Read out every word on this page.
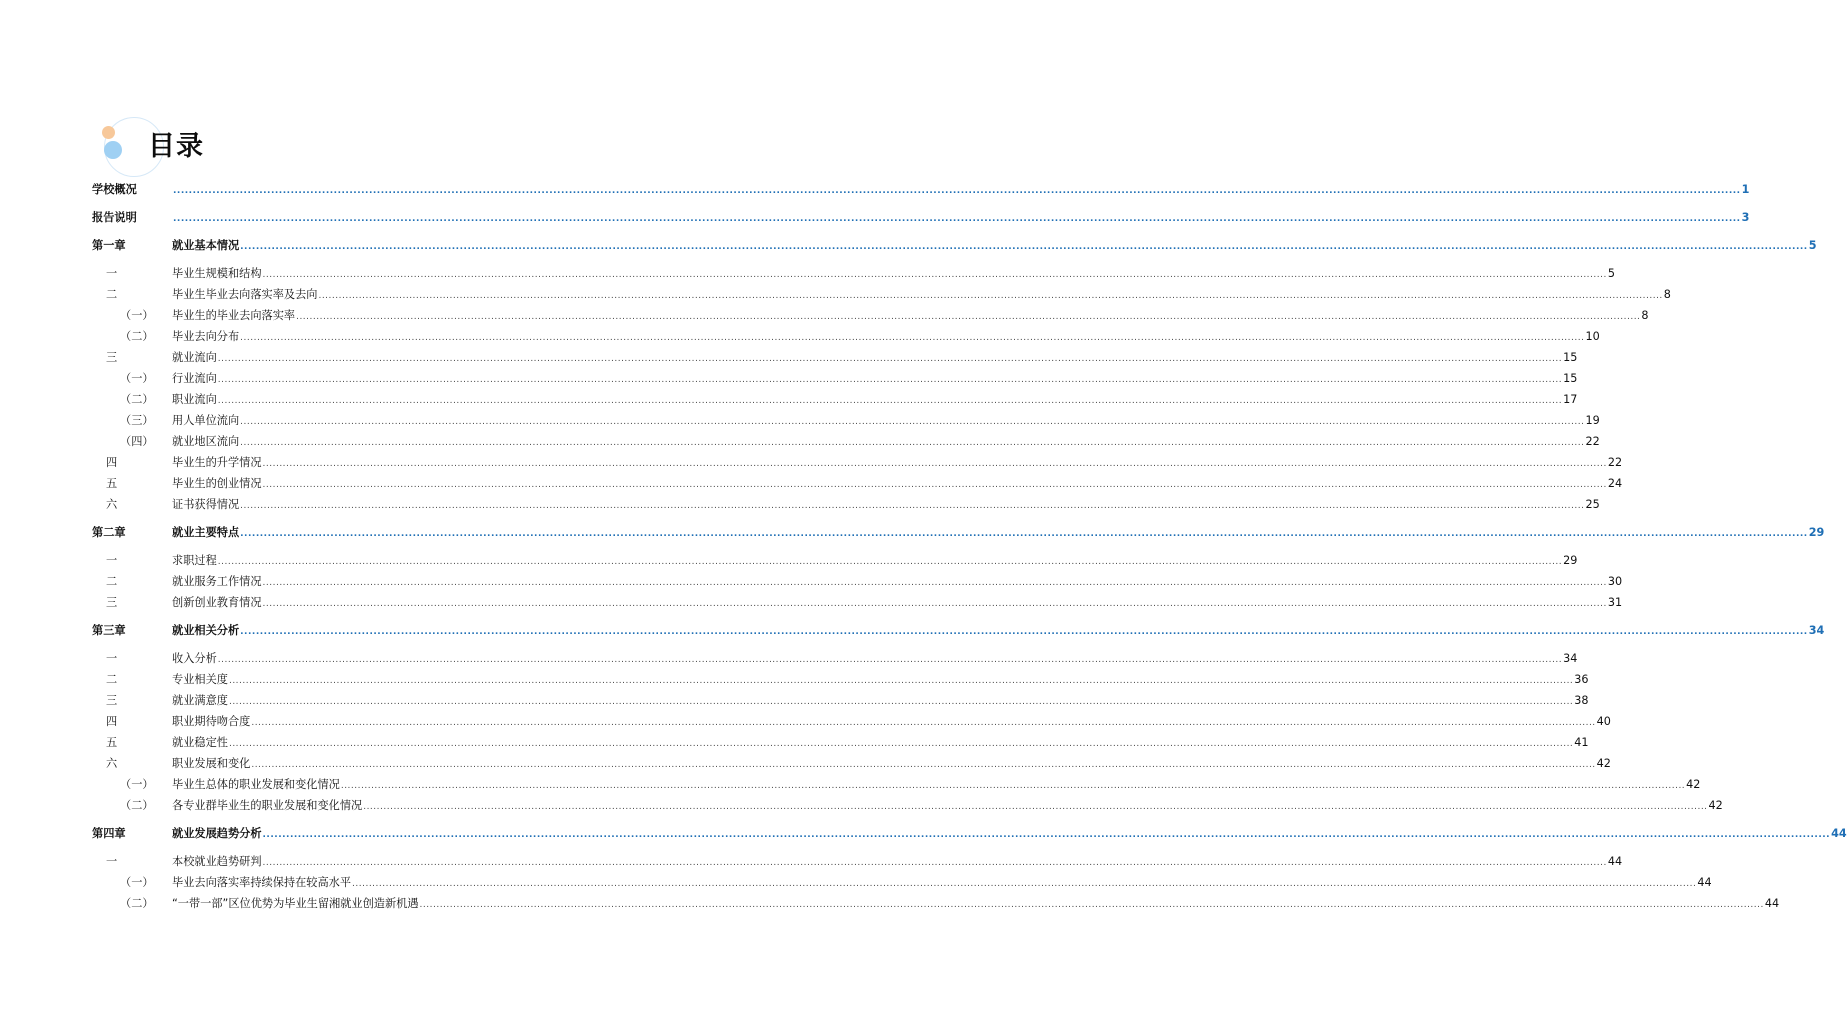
目录
学校概况	................................................................................................................................................................................................................................................................................................................................................................................................................ 1
报告说明	................................................................................................................................................................................................................................................................................................................................................................................................................ 3
第一章	就业基本情况 ................................................................................................................................................................................................................................................................................................................................................................................................................ 5
一	毕业生规模和结构 ................................................................................................................................................................................................................................................................................................................................................................................................................ 5
二	毕业生毕业去向落实率及去向 ................................................................................................................................................................................................................................................................................................................................................................................................................ 8
（一） 毕业生的毕业去向落实率 ................................................................................................................................................................................................................................................................................................................................................................................................................ 8
（二） 毕业去向分布 ................................................................................................................................................................................................................................................................................................................................................................................................................ 10
三	就业流向 ................................................................................................................................................................................................................................................................................................................................................................................................................ 15
（一） 行业流向 ................................................................................................................................................................................................................................................................................................................................................................................................................ 15
（二） 职业流向 ................................................................................................................................................................................................................................................................................................................................................................................................................ 17
（三） 用人单位流向 ................................................................................................................................................................................................................................................................................................................................................................................................................ 19
（四） 就业地区流向 ................................................................................................................................................................................................................................................................................................................................................................................................................ 22
四	毕业生的升学情况 ................................................................................................................................................................................................................................................................................................................................................................................................................ 22
五	毕业生的创业情况 ................................................................................................................................................................................................................................................................................................................................................................................................................ 24
六	证书获得情况 ................................................................................................................................................................................................................................................................................................................................................................................................................ 25
第二章	就业主要特点 ................................................................................................................................................................................................................................................................................................................................................................................................................ 29
一	求职过程 ................................................................................................................................................................................................................................................................................................................................................................................................................ 29
二	就业服务工作情况 ................................................................................................................................................................................................................................................................................................................................................................................................................ 30
三	创新创业教育情况 ................................................................................................................................................................................................................................................................................................................................................................................................................ 31
第三章	就业相关分析 ................................................................................................................................................................................................................................................................................................................................................................................................................ 34
一	收入分析 ................................................................................................................................................................................................................................................................................................................................................................................................................ 34
二	专业相关度 ................................................................................................................................................................................................................................................................................................................................................................................................................ 36
三	就业满意度 ................................................................................................................................................................................................................................................................................................................................................................................................................ 38
四	职业期待吻合度 ................................................................................................................................................................................................................................................................................................................................................................................................................ 40
五	就业稳定性 ................................................................................................................................................................................................................................................................................................................................................................................................................ 41
六	职业发展和变化 ................................................................................................................................................................................................................................................................................................................................................................................................................ 42
（一） 毕业生总体的职业发展和变化情况 ................................................................................................................................................................................................................................................................................................................................................................................................................ 42
（二） 各专业群毕业生的职业发展和变化情况 ................................................................................................................................................................................................................................................................................................................................................................................................................ 42
第四章	就业发展趋势分析 ................................................................................................................................................................................................................................................................................................................................................................................................................ 44
一	本校就业趋势研判 ................................................................................................................................................................................................................................................................................................................................................................................................................ 44
（一） 毕业去向落实率持续保持在较高水平 ................................................................................................................................................................................................................................................................................................................................................................................................................ 44
（二） “一带一部”区位优势为毕业生留湘就业创造新机遇 ................................................................................................................................................................................................................................................................................................................................................................................................................ 44
